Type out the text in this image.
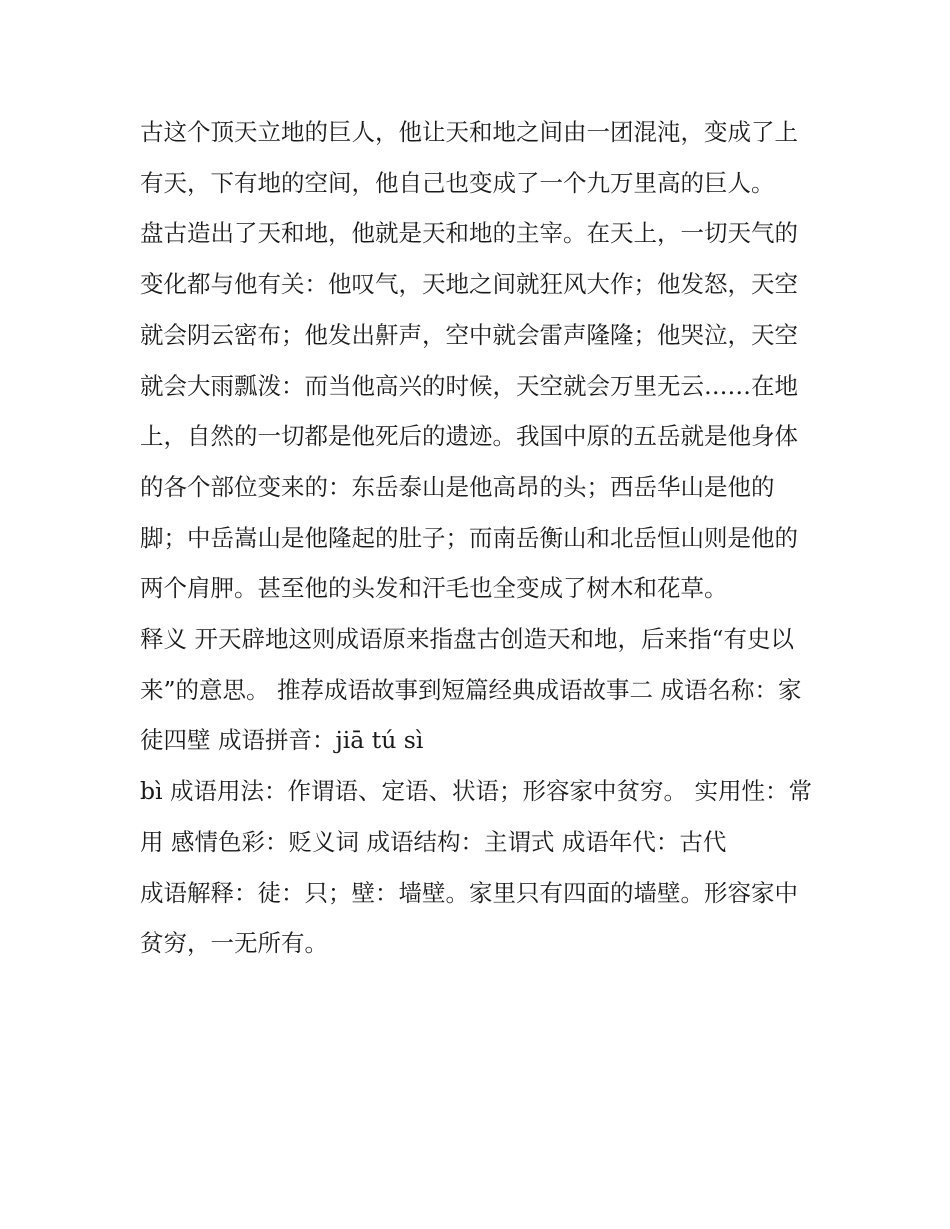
古这个顶天立地的巨人，他让天和地之间由一团混沌，变成了上有天，下有地的空间，他自己也变成了一个九万里高的巨人。

盘古造出了天和地，他就是天和地的主宰。在天上，一切天气的变化都与他有关：他叹气，天地之间就狂风大作；他发怒，天空就会阴云密布；他发出鼾声，空中就会雷声隆隆；他哭泣，天空就会大雨瓢泼：而当他高兴的时候，天空就会万里无云……在地上，自然的一切都是他死后的遗迹。我国中原的五岳就是他身体的各个部位变来的：东岳泰山是他高昂的头；西岳华山是他的脚；中岳嵩山是他隆起的肚子；而南岳衡山和北岳恒山则是他的两个肩胛。甚至他的头发和汗毛也全变成了树木和花草。

释义 开天辟地这则成语原来指盘古创造天和地，后来指“有史以来”的意思。 推荐成语故事到短篇经典成语故事二 成语名称：家徒四壁 成语拼音：jiā tú sì

bì 成语用法：作谓语、定语、状语；形容家中贫穷。 实用性：常用 感情色彩：贬义词 成语结构：主谓式 成语年代：古代

成语解释：徒：只；壁：墙壁。家里只有四面的墙壁。形容家中贫穷，一无所有。
